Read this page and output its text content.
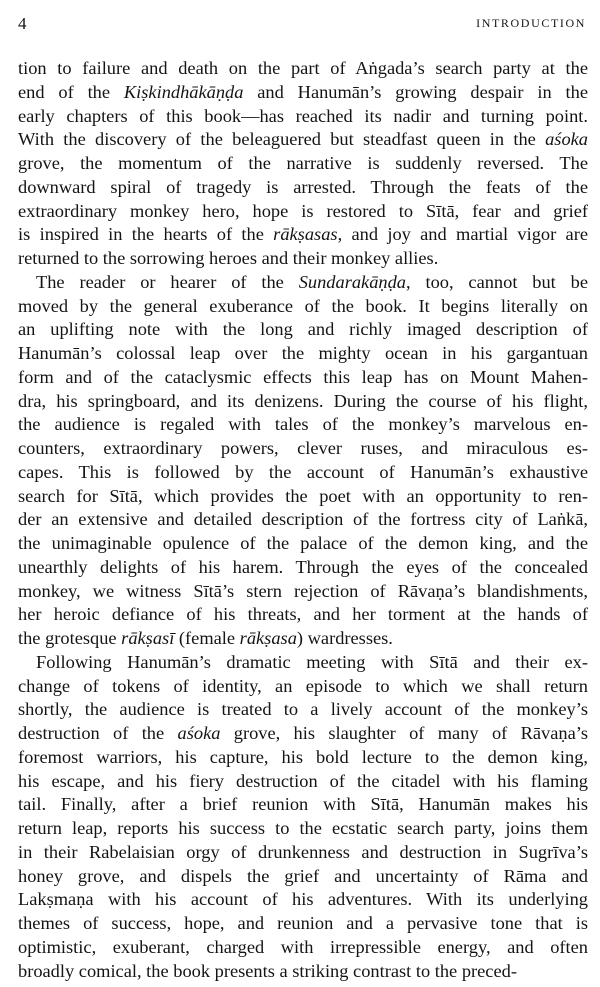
4	INTRODUCTION
tion to failure and death on the part of Aṅgada’s search party at the
end of the Kiṣkindhākāṇḍa and Hanumān’s growing despair in the
early chapters of this book—has reached its nadir and turning point.
With the discovery of the beleaguered but steadfast queen in the aśoka
grove, the momentum of the narrative is suddenly reversed. The
downward spiral of tragedy is arrested. Through the feats of the
extraordinary monkey hero, hope is restored to Sītā, fear and grief
is inspired in the hearts of the rākṣasas, and joy and martial vigor are
returned to the sorrowing heroes and their monkey allies.
The reader or hearer of the Sundarakāṇḍa, too, cannot but be
moved by the general exuberance of the book. It begins literally on
an uplifting note with the long and richly imaged description of
Hanumān’s colossal leap over the mighty ocean in his gargantuan
form and of the cataclysmic effects this leap has on Mount Mahen-
dra, his springboard, and its denizens. During the course of his flight,
the audience is regaled with tales of the monkey’s marvelous en-
counters, extraordinary powers, clever ruses, and miraculous es-
capes. This is followed by the account of Hanumān’s exhaustive
search for Sītā, which provides the poet with an opportunity to ren-
der an extensive and detailed description of the fortress city of Laṅkā,
the unimaginable opulence of the palace of the demon king, and the
unearthly delights of his harem. Through the eyes of the concealed
monkey, we witness Sītā’s stern rejection of Rāvaṇa’s blandishments,
her heroic defiance of his threats, and her torment at the hands of
the grotesque rākṣasī (female rākṣasa) wardresses.
Following Hanumān’s dramatic meeting with Sītā and their ex-
change of tokens of identity, an episode to which we shall return
shortly, the audience is treated to a lively account of the monkey’s
destruction of the aśoka grove, his slaughter of many of Rāvaṇa’s
foremost warriors, his capture, his bold lecture to the demon king,
his escape, and his fiery destruction of the citadel with his flaming
tail. Finally, after a brief reunion with Sītā, Hanumān makes his
return leap, reports his success to the ecstatic search party, joins them
in their Rabelaisian orgy of drunkenness and destruction in Sugrīva’s
honey grove, and dispels the grief and uncertainty of Rāma and
Lakṣmaṇa with his account of his adventures. With its underlying
themes of success, hope, and reunion and a pervasive tone that is
optimistic, exuberant, charged with irrepressible energy, and often
broadly comical, the book presents a striking contrast to the preced-
